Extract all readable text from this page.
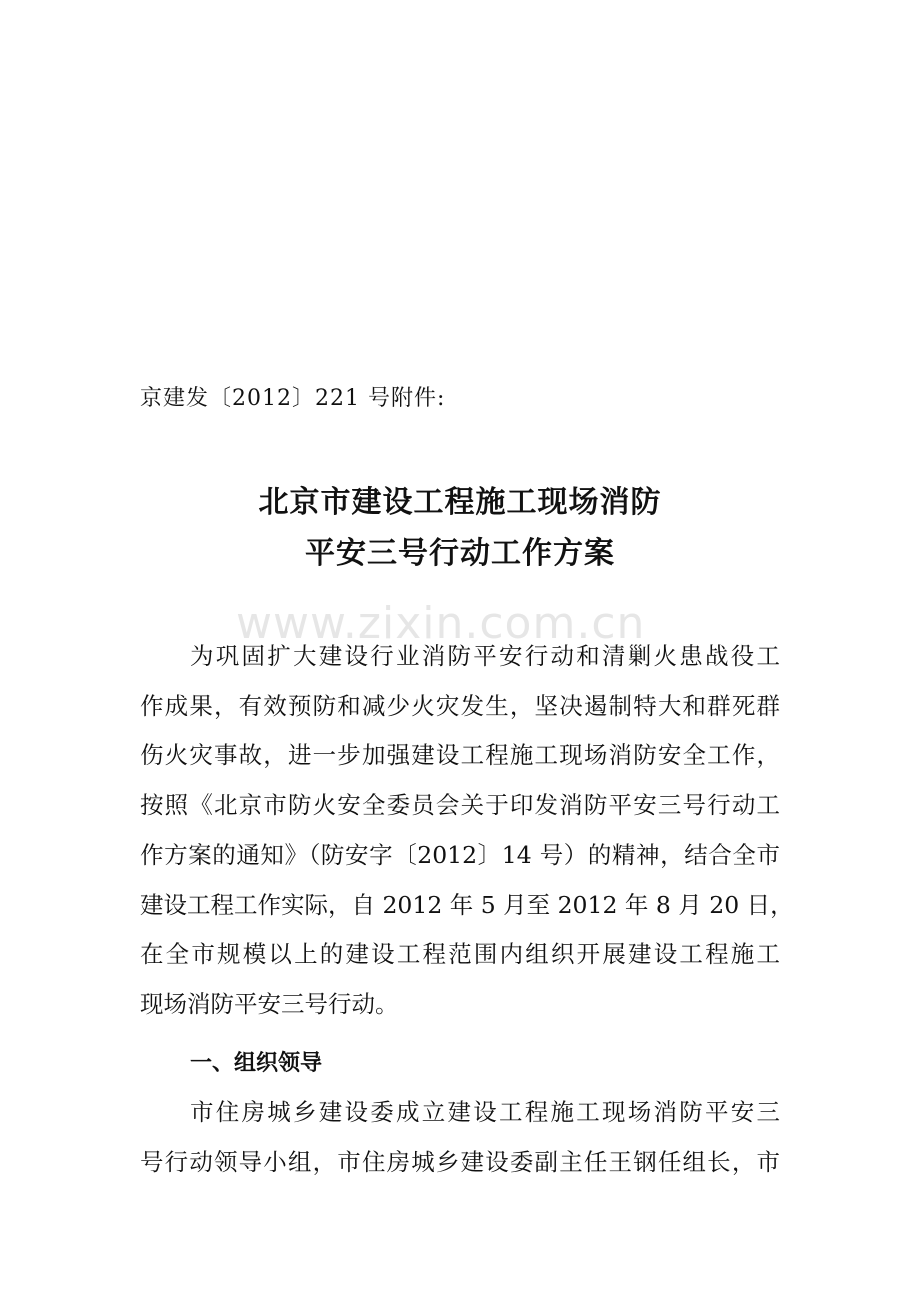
京建发〔2012〕221 号附件:
北京市建设工程施工现场消防
平安三号行动工作方案
www.zixin.com.cn
为巩固扩大建设行业消防平安行动和清剿火患战役工
作成果，有效预防和减少火灾发生，坚决遏制特大和群死群
伤火灾事故，进一步加强建设工程施工现场消防安全工作，
按照《北京市防火安全委员会关于印发消防平安三号行动工
作方案的通知》（防安字〔2012〕14 号）的精神，结合全市
建设工程工作实际，自 2012 年 5 月至 2012 年 8 月 20 日，
在全市规模以上的建设工程范围内组织开展建设工程施工
现场消防平安三号行动。
一、组织领导
市住房城乡建设委成立建设工程施工现场消防平安三
号行动领导小组，市住房城乡建设委副主任王钢任组长，市
